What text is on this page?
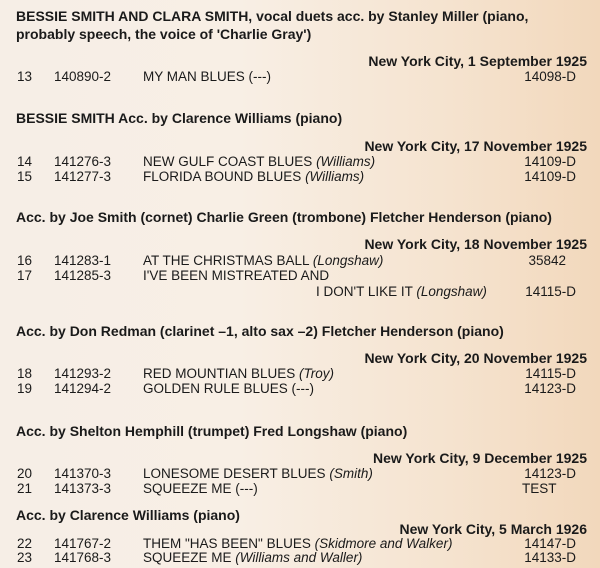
BESSIE SMITH AND CLARA SMITH, vocal duets acc. by Stanley Miller (piano,
probably speech, the voice of 'Charlie Gray')
New York City, 1 September 1925
13 140890-2 MY MAN BLUES (---)	14098-D
BESSIE SMITH Acc. by Clarence Williams (piano)
New York City, 17 November 1925
14 141276-3 NEW GULF COAST BLUES (Williams)	14109-D
15 141277-3 FLORIDA BOUND BLUES (Williams)	14109-D
Acc. by Joe Smith (cornet) Charlie Green (trombone) Fletcher Henderson (piano)
New York City, 18 November 1925
16 141283-1 AT THE CHRISTMAS BALL (Longshaw)	35842
17 141285-3 I'VE BEEN MISTREATED AND
I DON'T LIKE IT (Longshaw)	14115-D
Acc. by Don Redman (clarinet –1, alto sax –2) Fletcher Henderson (piano)
New York City, 20 November 1925
18 141293-2 RED MOUNTIAN BLUES (Troy)	14115-D
19 141294-2 GOLDEN RULE BLUES (---)	14123-D
Acc. by Shelton Hemphill (trumpet) Fred Longshaw (piano)
New York City, 9 December 1925
20 141370-3 LONESOME DESERT BLUES (Smith)	14123-D
21 141373-3 SQUEEZE ME (---)	TEST
Acc. by Clarence Williams (piano)
New York City, 5 March 1926
22 141767-2 THEM "HAS BEEN" BLUES (Skidmore and Walker)	14147-D
23 141768-3 SQUEEZE ME (Williams and Waller)	14133-D
